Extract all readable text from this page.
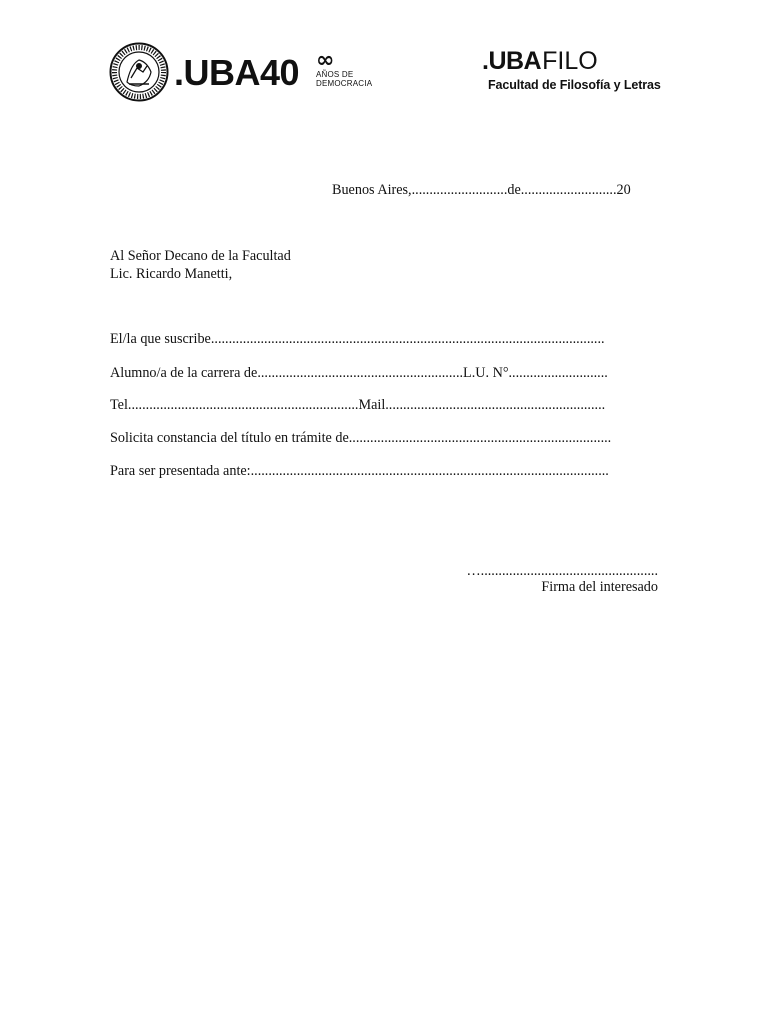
.UBA40 ∞
AÑOS DE
DEMOCRACIA
.UBAFILO
Facultad de Filosofía y Letras
Buenos Aires,...........................de...........................20
Al Señor Decano de la Facultad
Lic. Ricardo Manetti,
El/la que suscribe...............................................................................................................
Alumno/a de la carrera de..........................................................L.U. N°............................
Tel.................................................................Mail..............................................................
Solicita constancia del título en trámite de..........................................................................
Para ser presentada ante:.....................................................................................................
…..................................................
Firma del interesado
